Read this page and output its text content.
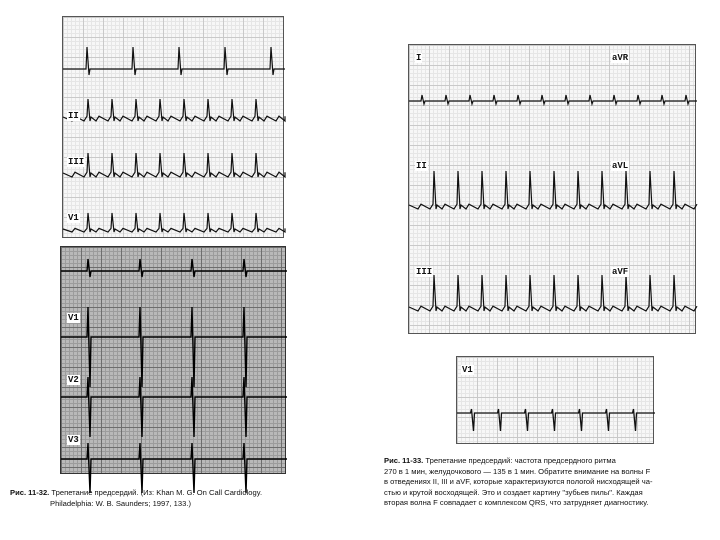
II
III
V1
V1
V2
V3
Рис. 11-32. Трепетание предсердий. (Из: Khan M. G. On Call Cardiology.
Philadelphia: W. B. Saunders; 1997, 133.)
I
II
III
aVR
aVL
aVF
V1
Рис. 11-33. Трепетание предсердий: частота предсердного ритма
270 в 1 мин, желудочкового — 135 в 1 мин. Обратите внимание на волны F
в отведениях II, III и aVF, которые характеризуются пологой нисходящей ча-
стью и крутой восходящей. Это и создает картину "зубьев пилы". Каждая
вторая волна F совпадает с комплексом QRS, что затрудняет диагностику.
